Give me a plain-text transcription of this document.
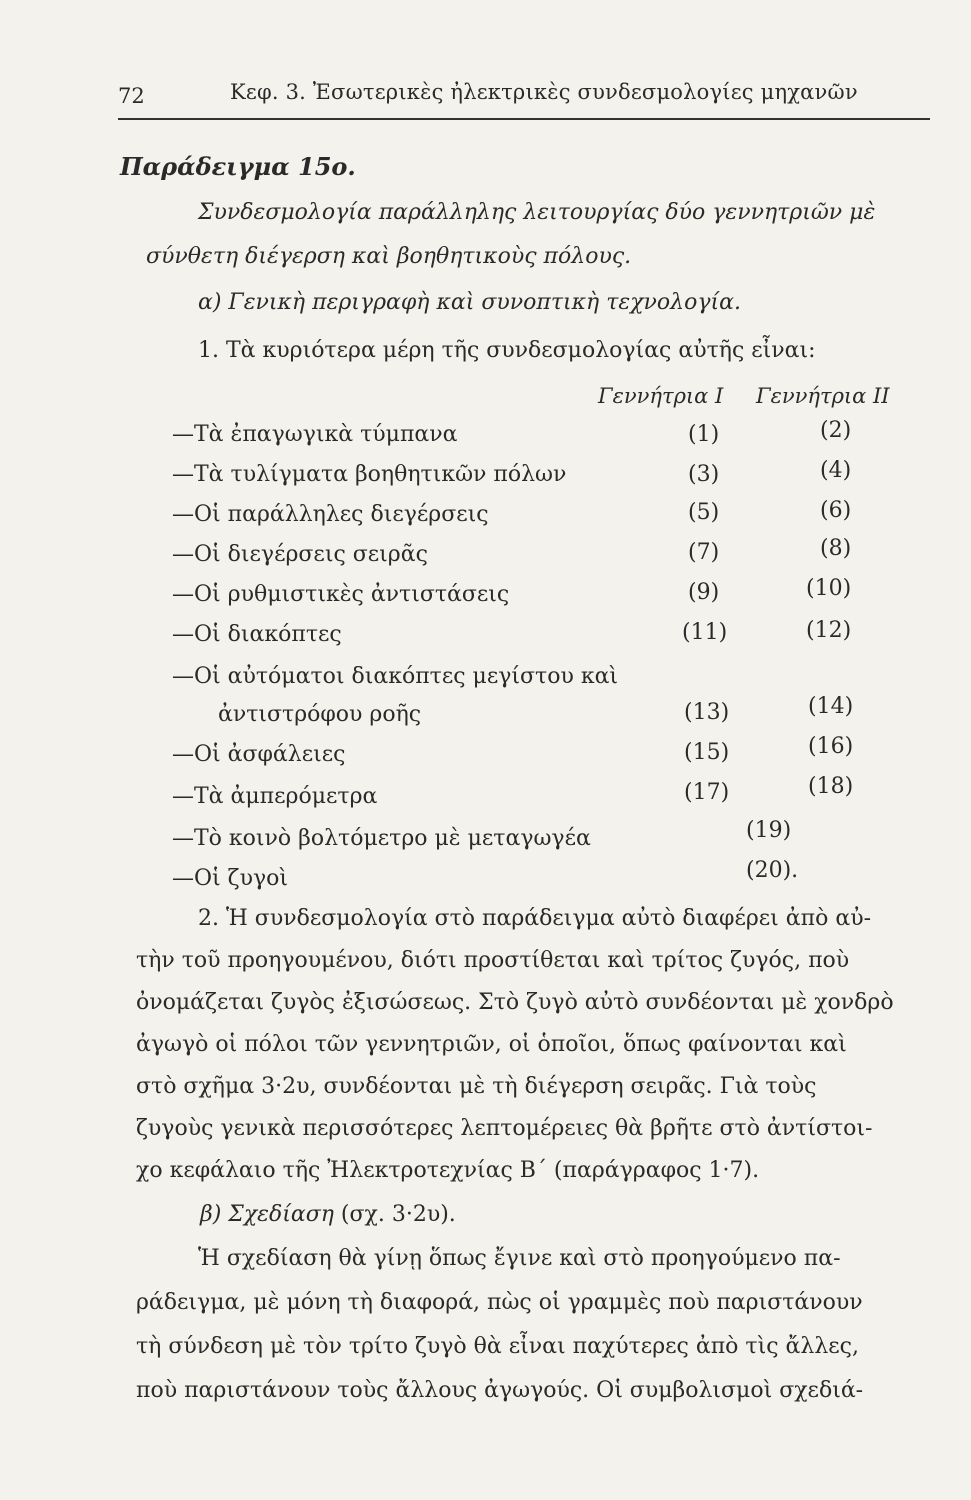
72	Κεφ. 3. Ἐσωτερικὲς ἠλεκτρικὲς συνδεσμολογίες μηχανῶν
Παράδειγμα 15ο.
Συνδεσμολογία παράλληλης λειτουργίας δύο γεννητριῶν μὲ
σύνθετη διέγερση καὶ βοηθητικοὺς πόλους.
α) Γενικὴ περιγραφὴ καὶ συνοπτικὴ τεχνολογία.
1. Τὰ κυριότερα μέρη τῆς συνδεσμολογίας αὐτῆς εἶναι:
Γεννήτρια I Γεννήτρια II
—Τὰ ἐπαγωγικὰ τύμπανα	(1)	(2)
—Τὰ τυλίγματα βοηθητικῶν πόλων	(3)	(4)
—Οἱ παράλληλες διεγέρσεις	(5)	(6)
—Οἱ διεγέρσεις σειρᾶς	(7)	(8)
—Οἱ ρυθμιστικὲς ἀντιστάσεις	(9)	(10)
—Οἱ διακόπτες	(11)	(12)
—Οἱ αὐτόματοι διακόπτες μεγίστου καὶ
ἀντιστρόφου ροῆς	(13)	(14)
—Οἱ ἀσφάλειες	(15)	(16)
—Τὰ ἀμπερόμετρα	(17)	(18)
—Τὸ κοινὸ βολτόμετρο μὲ μεταγωγέα	(19)
—Οἱ ζυγοὶ	(20).
2. Ἡ συνδεσμολογία στὸ παράδειγμα αὐτὸ διαφέρει ἀπὸ αὐ-
τὴν τοῦ προηγουμένου, διότι προστίθεται καὶ τρίτος ζυγός, ποὺ
ὀνομάζεται ζυγὸς ἐξισώσεως. Στὸ ζυγὸ αὐτὸ συνδέονται μὲ χονδρὸ
ἀγωγὸ οἱ πόλοι τῶν γεννητριῶν, οἱ ὁποῖοι, ὅπως φαίνονται καὶ
στὸ σχῆμα 3·2υ, συνδέονται μὲ τὴ διέγερση σειρᾶς. Γιὰ τοὺς
ζυγοὺς γενικὰ περισσότερες λεπτομέρειες θὰ βρῆτε στὸ ἀντίστοι-
χο κεφάλαιο τῆς Ἠλεκτροτεχνίας Β΄ (παράγραφος 1·7).
β) Σχεδίαση (σχ. 3·2υ).
Ἡ σχεδίαση θὰ γίνῃ ὅπως ἔγινε καὶ στὸ προηγούμενο πα-
ράδειγμα, μὲ μόνη τὴ διαφορά, πὼς οἱ γραμμὲς ποὺ παριστάνουν
τὴ σύνδεση μὲ τὸν τρίτο ζυγὸ θὰ εἶναι παχύτερες ἀπὸ τὶς ἄλλες,
ποὺ παριστάνουν τοὺς ἄλλους ἀγωγούς. Οἱ συμβολισμοὶ σχεδιά-
